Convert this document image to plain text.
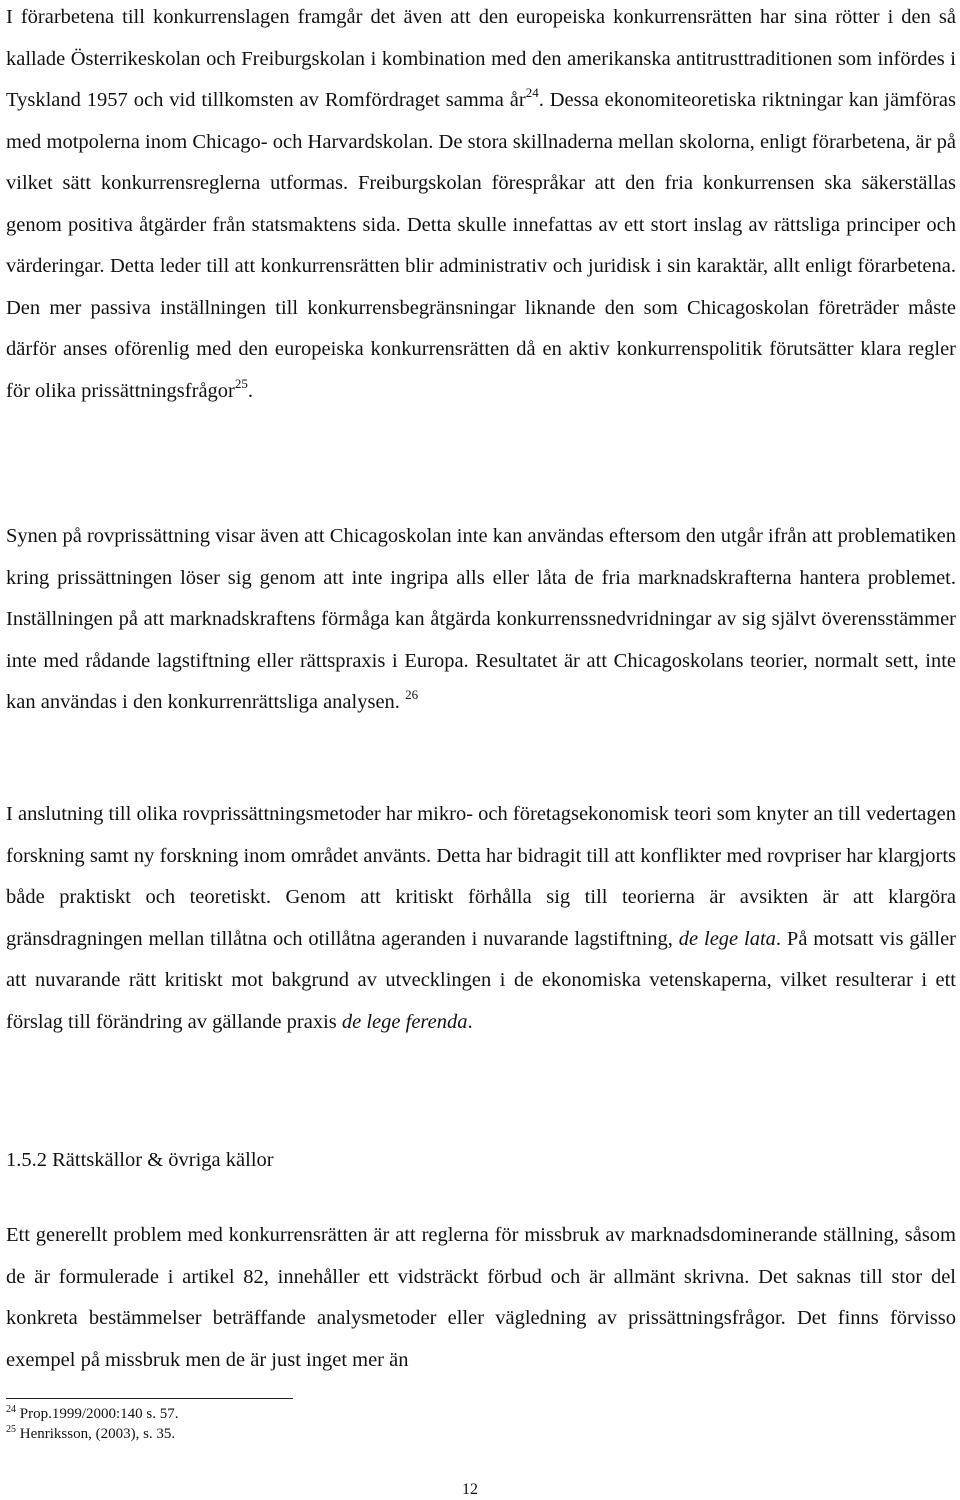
I förarbetena till konkurrenslagen framgår det även att den europeiska konkurrensrätten har sina rötter i den så kallade Österrikeskolan och Freiburgskolan i kombination med den amerikanska antitrusttraditionen som infördes i Tyskland 1957 och vid tillkomsten av Romfördraget samma $år^{24}$. Dessa ekonomiteoretiska riktningar kan jämföras med motpolerna inom Chicago- och Harvardskolan. De stora skillnaderna mellan skolorna, enligt förarbetena, är på vilket sätt konkurrensreglerna utformas. Freiburgskolan förespråkar att den fria konkurrensen ska säkerställas genom positiva åtgärder från statsmaktens sida. Detta skulle innefattas av ett stort inslag av rättsliga principer och värderingar. Detta leder till att konkurrensrätten blir administrativ och juridisk i sin karaktär, allt enligt förarbetena. Den mer passiva inställningen till konkurrensbegränsningar liknande den som Chicagoskolan företräder måste därför anses oförenlig med den europeiska konkurrensrätten då en aktiv konkurrenspolitik förutsätter klara regler för olika prissättningsfrågor$^{25}$.

Synen på rovprissättning visar även att Chicagoskolan inte kan användas eftersom den utgår ifrån att problematiken kring prissättningen löser sig genom att inte ingripa alls eller låta de fria marknadskrafterna hantera problemet. Inställningen på att marknadskraftens förmåga kan åtgärda konkurrenssnedvridningar av sig självt överensstämmer inte med rådande lagstiftning eller rättspraxis i Europa. Resultatet är att Chicagoskolans teorier, normalt sett, inte kan användas i den konkurrenrättsliga analysen. $^{26}$

I anslutning till olika rovprissättningsmetoder har mikro- och företagsekonomisk teori som knyter an till vedertagen forskning samt ny forskning inom området använts. Detta har bidragit till att konflikter med rovpriser har klargjorts både praktiskt och teoretiskt. Genom att kritiskt förhålla sig till teorierna är avsikten är att klargöra gränsdragningen mellan tillåtna och otillåtna ageranden i nuvarande lagstiftning, de lege lata. På motsatt vis gäller att nuvarande rätt kritiskt mot bakgrund av utvecklingen i de ekonomiska vetenskaperna, vilket resulterar i ett förslag till förändring av gällande praxis de lege ferenda.

1.5.2 Rättskällor & övriga källor

Ett generellt problem med konkurrensrätten är att reglerna för missbruk av marknadsdominerande ställning, såsom de är formulerade i artikel 82, innehåller ett vidsträckt förbud och är allmänt skrivna. Det saknas till stor del konkreta bestämmelser beträffande analysmetoder eller vägledning av prissättningsfrågor. Det finns förvisso exempel på missbruk men de är just inget mer än

$^{24}$ Prop.1999/2000:140 s. 57.

$^{25}$ Henriksson, (2003), s. 35.

12
